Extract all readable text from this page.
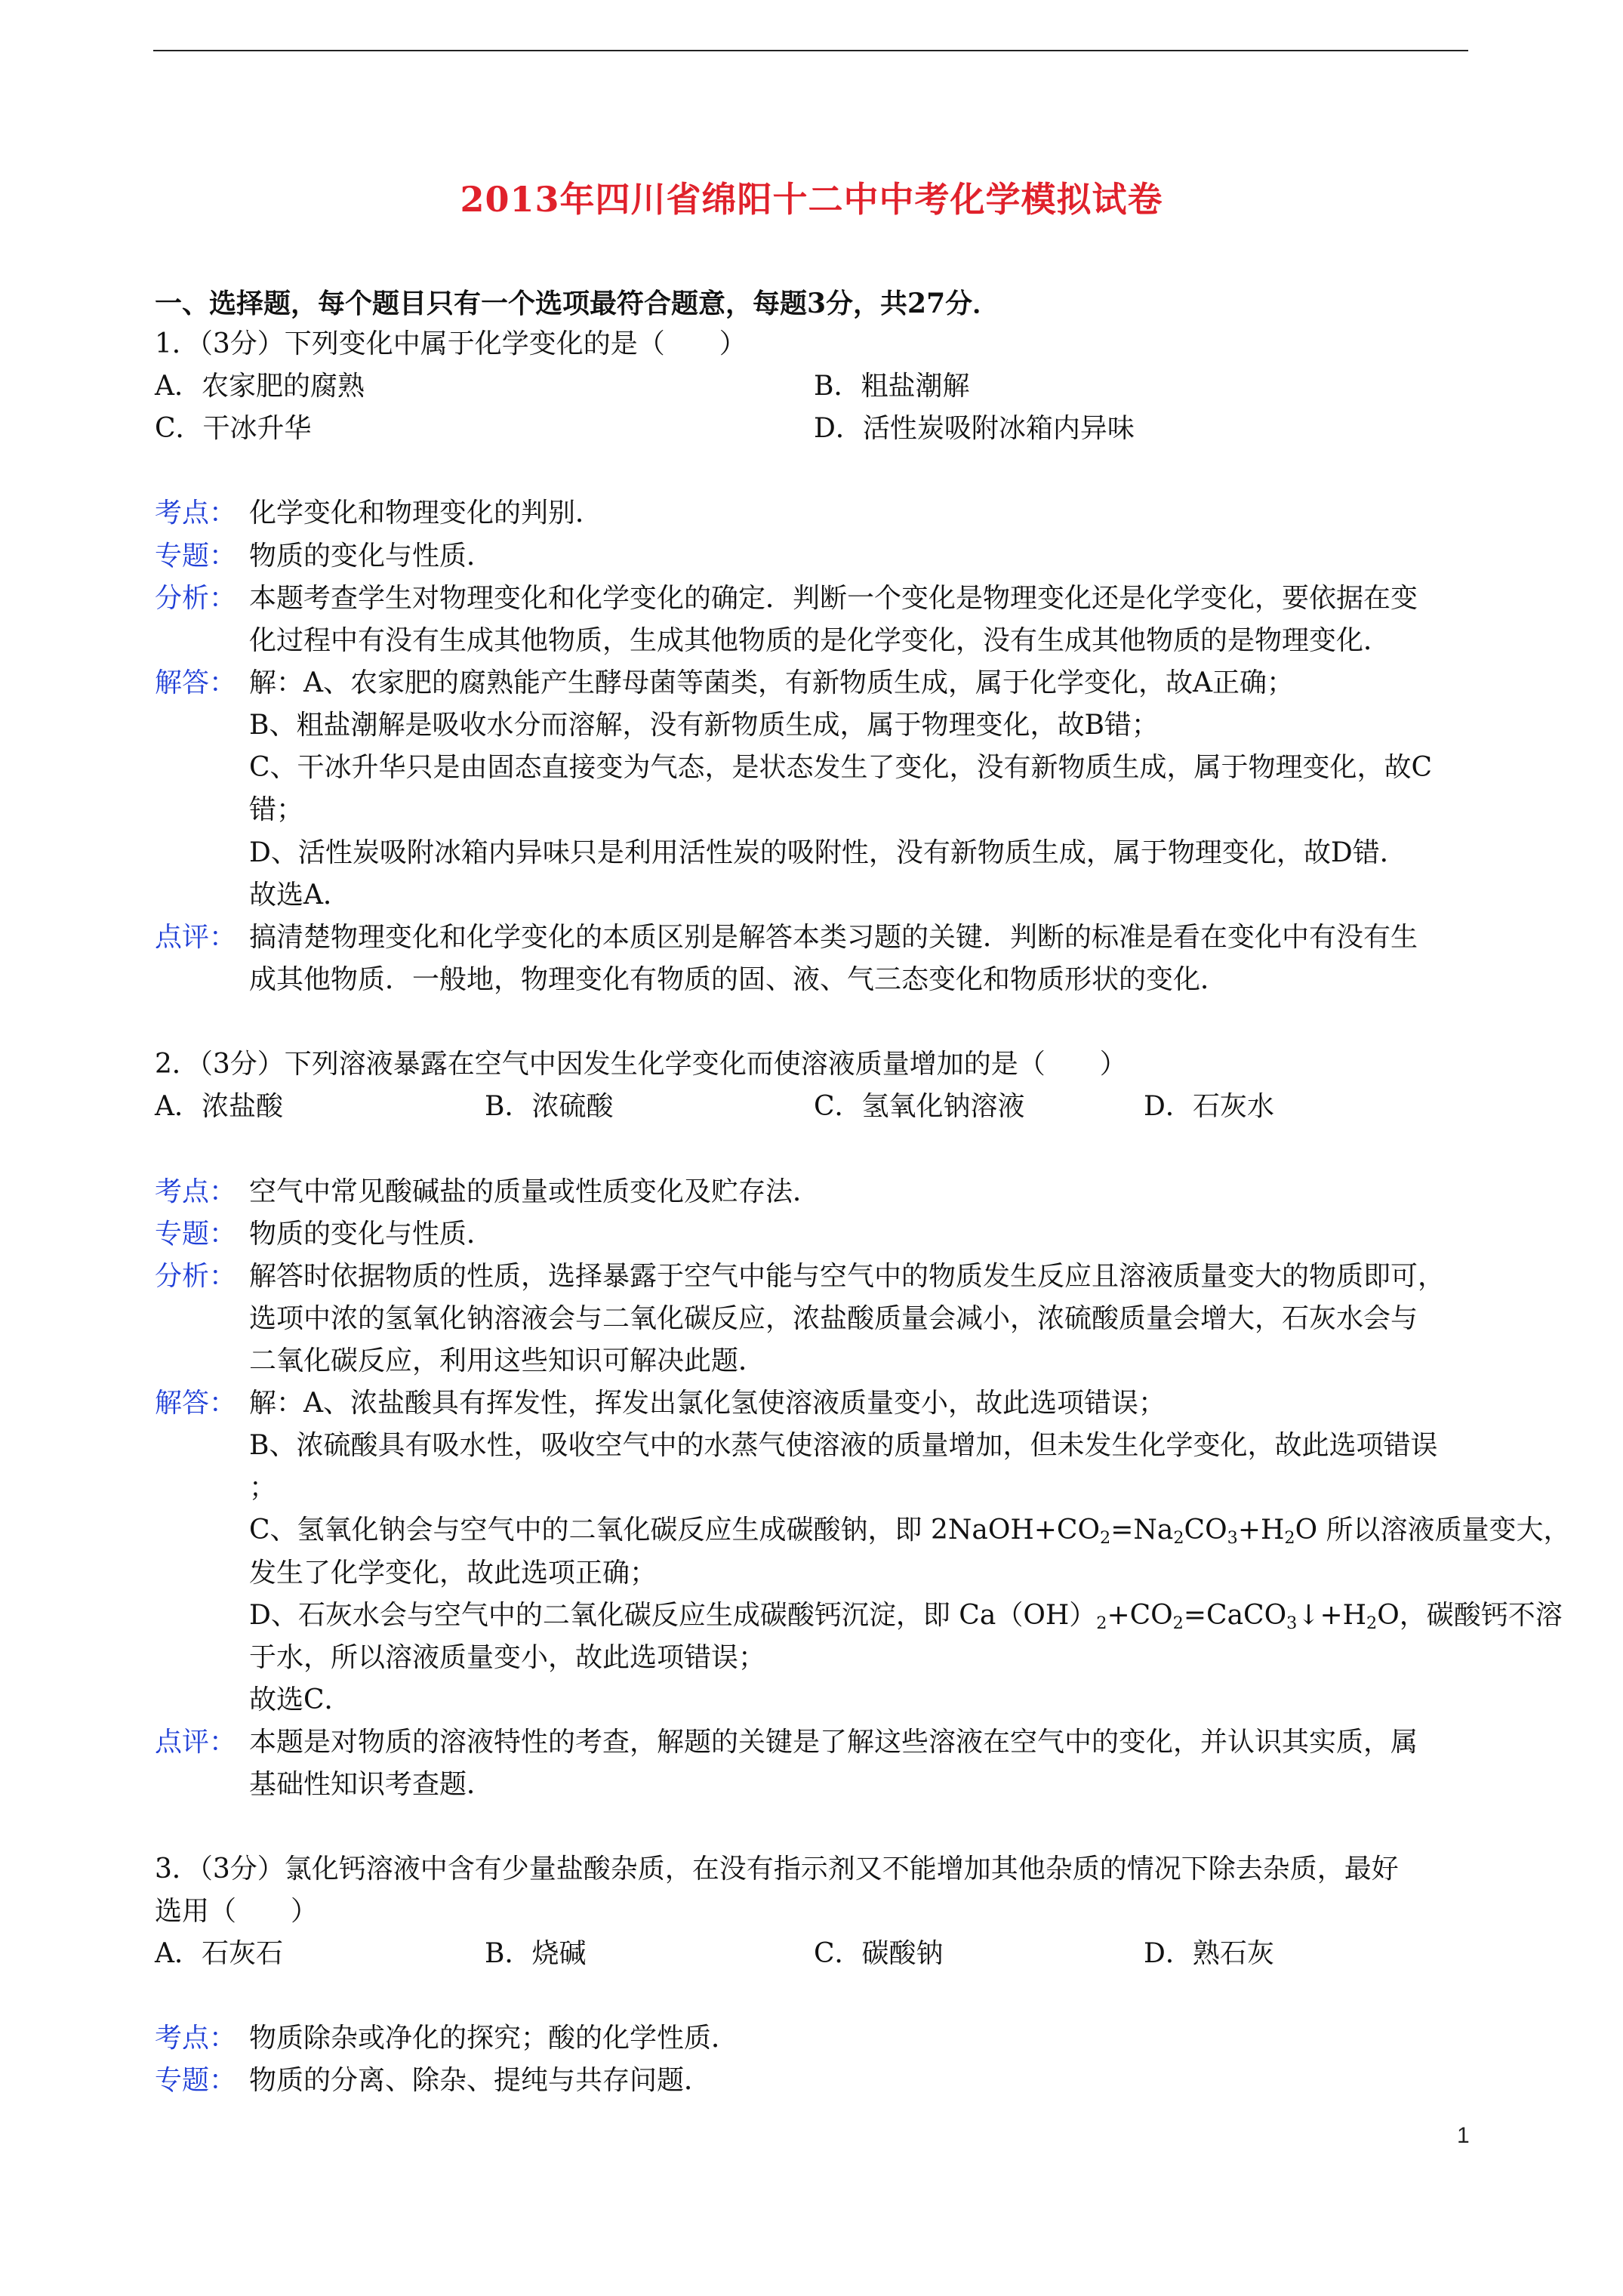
2013年四川省绵阳十二中中考化学模拟试卷
一、选择题，每个题目只有一个选项最符合题意，每题3分，共27分．
1．（3分）下列变化中属于化学变化的是（　　）
A．农家肥的腐熟	B．粗盐潮解
C．干冰升华	D．活性炭吸附冰箱内异味
考点： 化学变化和物理变化的判别．
专题： 物质的变化与性质．
分析： 本题考查学生对物理变化和化学变化的确定．判断一个变化是物理变化还是化学变化，要依据在变
化过程中有没有生成其他物质，生成其他物质的是化学变化，没有生成其他物质的是物理变化．
解答： 解：A、农家肥的腐熟能产生酵母菌等菌类，有新物质生成，属于化学变化，故A正确；
B、粗盐潮解是吸收水分而溶解，没有新物质生成，属于物理变化，故B错；
C、干冰升华只是由固态直接变为气态，是状态发生了变化，没有新物质生成，属于物理变化，故C
错；
D、活性炭吸附冰箱内异味只是利用活性炭的吸附性，没有新物质生成，属于物理变化，故D错．
故选A．
点评： 搞清楚物理变化和化学变化的本质区别是解答本类习题的关键．判断的标准是看在变化中有没有生
成其他物质．一般地，物理变化有物质的固、液、气三态变化和物质形状的变化．
2．（3分）下列溶液暴露在空气中因发生化学变化而使溶液质量增加的是（　　）
A．浓盐酸	B．浓硫酸	C．氢氧化钠溶液	D．石灰水
考点： 空气中常见酸碱盐的质量或性质变化及贮存法．
专题： 物质的变化与性质．
分析： 解答时依据物质的性质，选择暴露于空气中能与空气中的物质发生反应且溶液质量变大的物质即可，
选项中浓的氢氧化钠溶液会与二氧化碳反应，浓盐酸质量会减小，浓硫酸质量会增大，石灰水会与
二氧化碳反应，利用这些知识可解决此题．
解答： 解：A、浓盐酸具有挥发性，挥发出氯化氢使溶液质量变小，故此选项错误；
B、浓硫酸具有吸水性，吸收空气中的水蒸气使溶液的质量增加，但未发生化学变化，故此选项错误
；
C、氢氧化钠会与空气中的二氧化碳反应生成碳酸钠，即 $2NaOH+CO_2=Na_2CO_3+H_2O$ 所以溶液质量变大，
发生了化学变化，故此选项正确；
D、石灰水会与空气中的二氧化碳反应生成碳酸钙沉淀，即 $Ca(OH)_2+CO_2=CaCO_3↓+H_2O$，碳酸钙不溶
于水，所以溶液质量变小，故此选项错误；
故选C．
点评： 本题是对物质的溶液特性的考查，解题的关键是了解这些溶液在空气中的变化，并认识其实质，属
基础性知识考查题．
3．（3分）氯化钙溶液中含有少量盐酸杂质，在没有指示剂又不能增加其他杂质的情况下除去杂质，最好
选用（　　）
A．石灰石	B．烧碱	C．碳酸钠	D．熟石灰
考点： 物质除杂或净化的探究；酸的化学性质．
专题： 物质的分离、除杂、提纯与共存问题．
1
